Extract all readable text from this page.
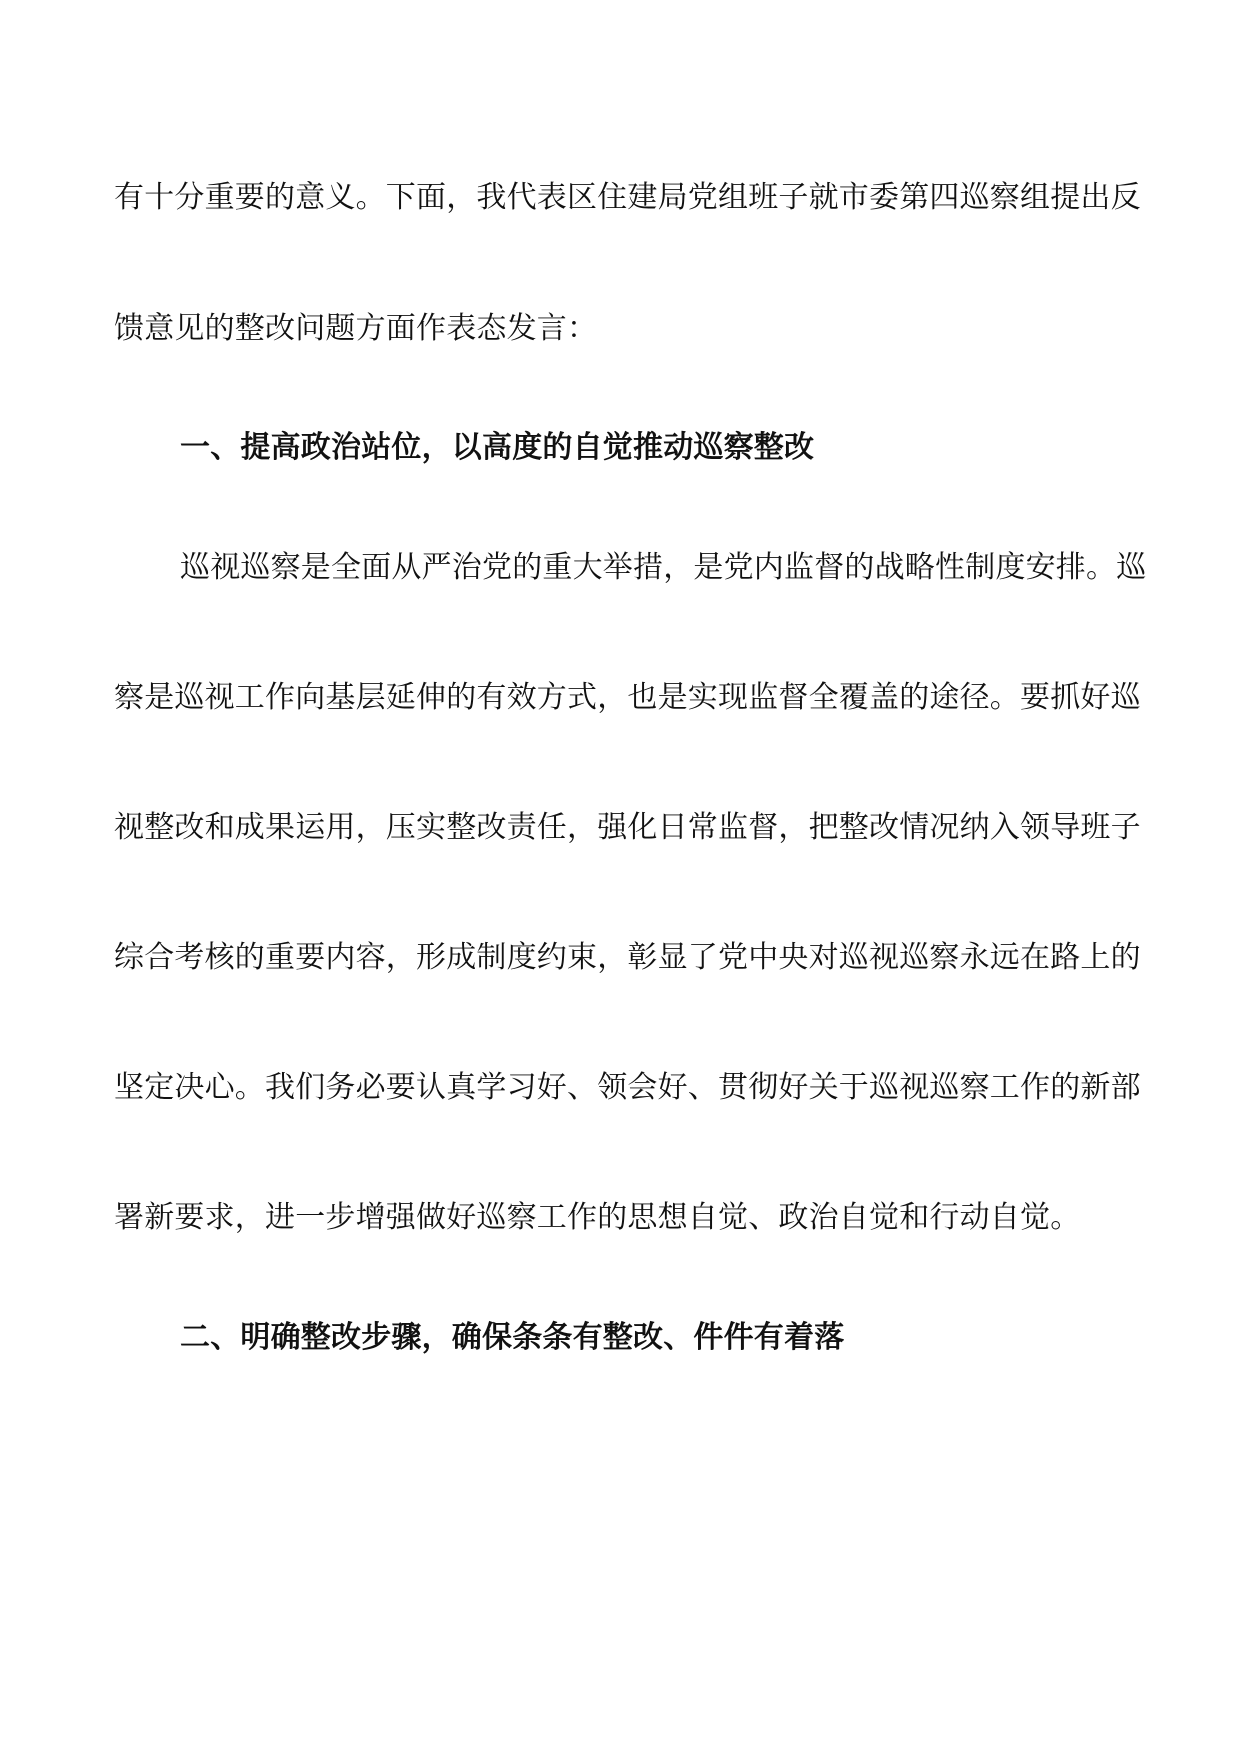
有十分重要的意义。下面，我代表区住建局党组班子就市委第四巡察组提出反
馈意见的整改问题方面作表态发言：
一、提高政治站位，以高度的自觉推动巡察整改
巡视巡察是全面从严治党的重大举措，是党内监督的战略性制度安排。巡
察是巡视工作向基层延伸的有效方式，也是实现监督全覆盖的途径。要抓好巡
视整改和成果运用，压实整改责任，强化日常监督，把整改情况纳入领导班子
综合考核的重要内容，形成制度约束，彰显了党中央对巡视巡察永远在路上的
坚定决心。我们务必要认真学习好、领会好、贯彻好关于巡视巡察工作的新部
署新要求，进一步增强做好巡察工作的思想自觉、政治自觉和行动自觉。
二、明确整改步骤，确保条条有整改、件件有着落
